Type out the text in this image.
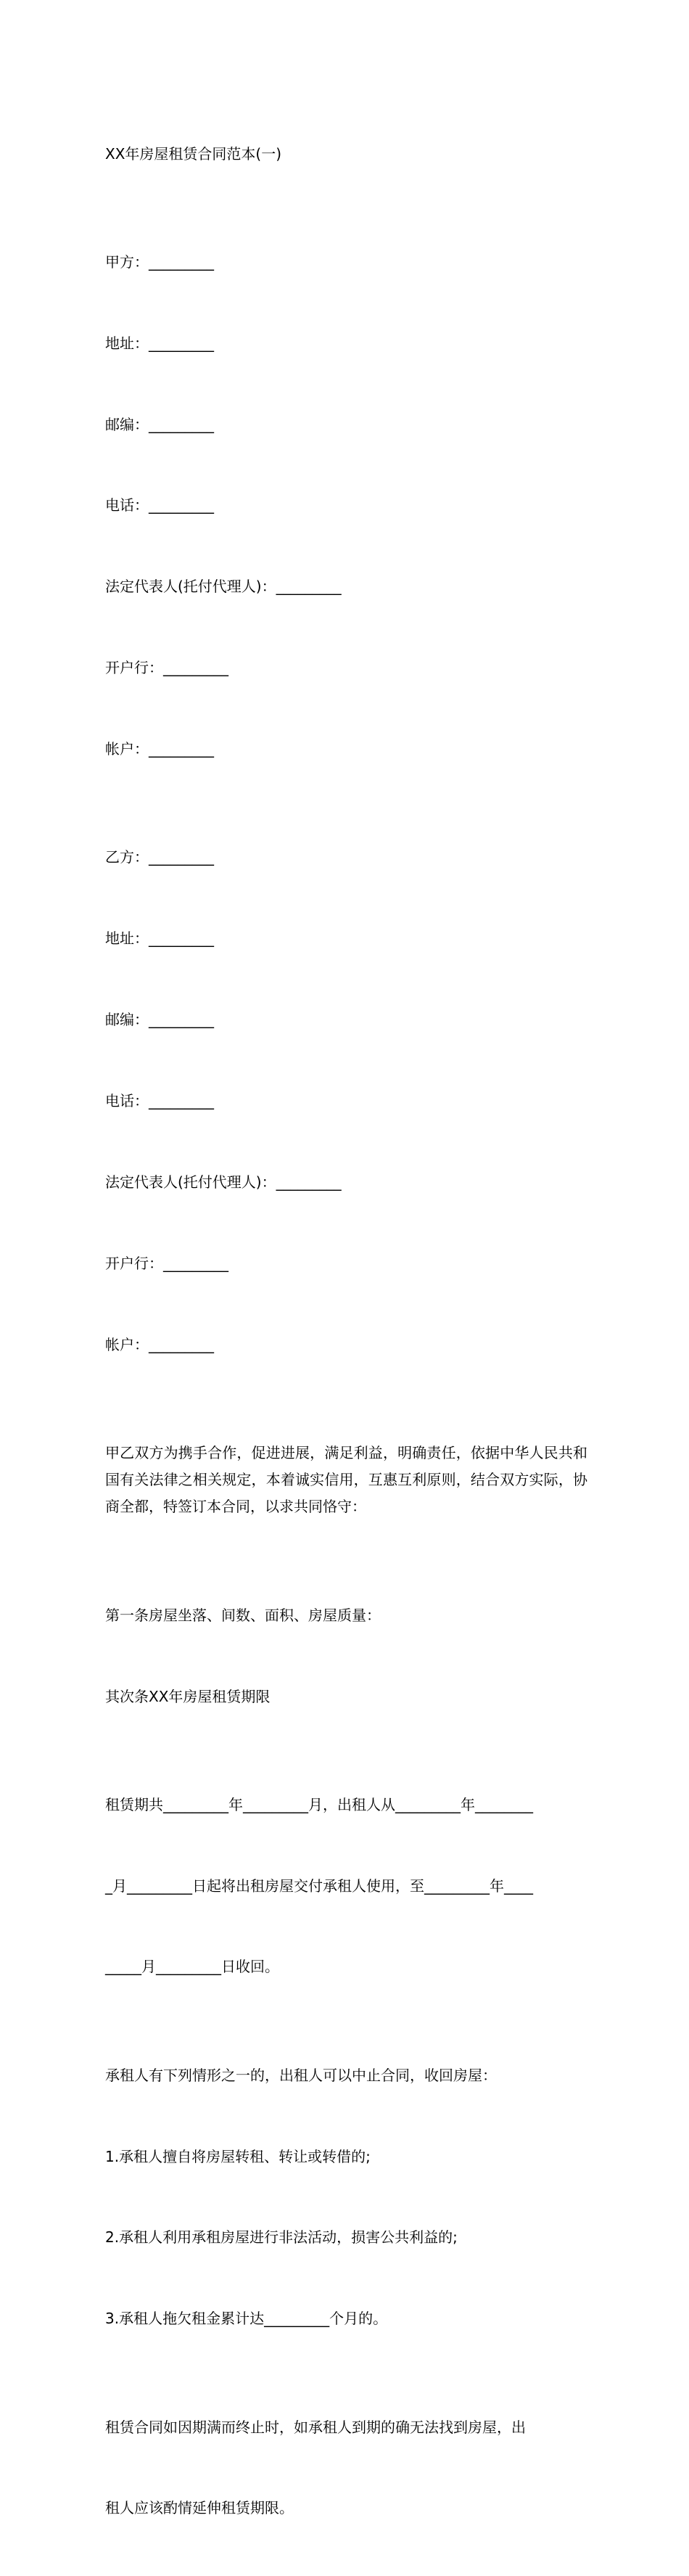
XX年房屋租赁合同范本(一)

甲方：_________

地址：_________

邮编：_________

电话：_________

法定代表人(托付代理人)：_________

开户行：_________

帐户：_________

乙方：_________

地址：_________

邮编：_________

电话：_________

法定代表人(托付代理人)：_________

开户行：_________

帐户：_________

甲乙双方为携手合作，促进进展，满足利益，明确责任，依据中华人民共和国有关法律之相关规定，本着诚实信用，互惠互利原则，结合双方实际，协商全都，特签订本合同，以求共同恪守：

第一条房屋坐落、间数、面积、房屋质量：

其次条XX年房屋租赁期限

租赁期共_________年_________月，出租人从_________年________

_月_________日起将出租房屋交付承租人使用，至_________年____

_____月_________日收回。

承租人有下列情形之一的，出租人可以中止合同，收回房屋：

1.承租人擅自将房屋转租、转让或转借的;

2.承租人利用承租房屋进行非法活动，损害公共利益的;

3.承租人拖欠租金累计达_________个月的。

租赁合同如因期满而终止时，如承租人到期的确无法找到房屋，出

租人应该酌情延伸租赁期限。
